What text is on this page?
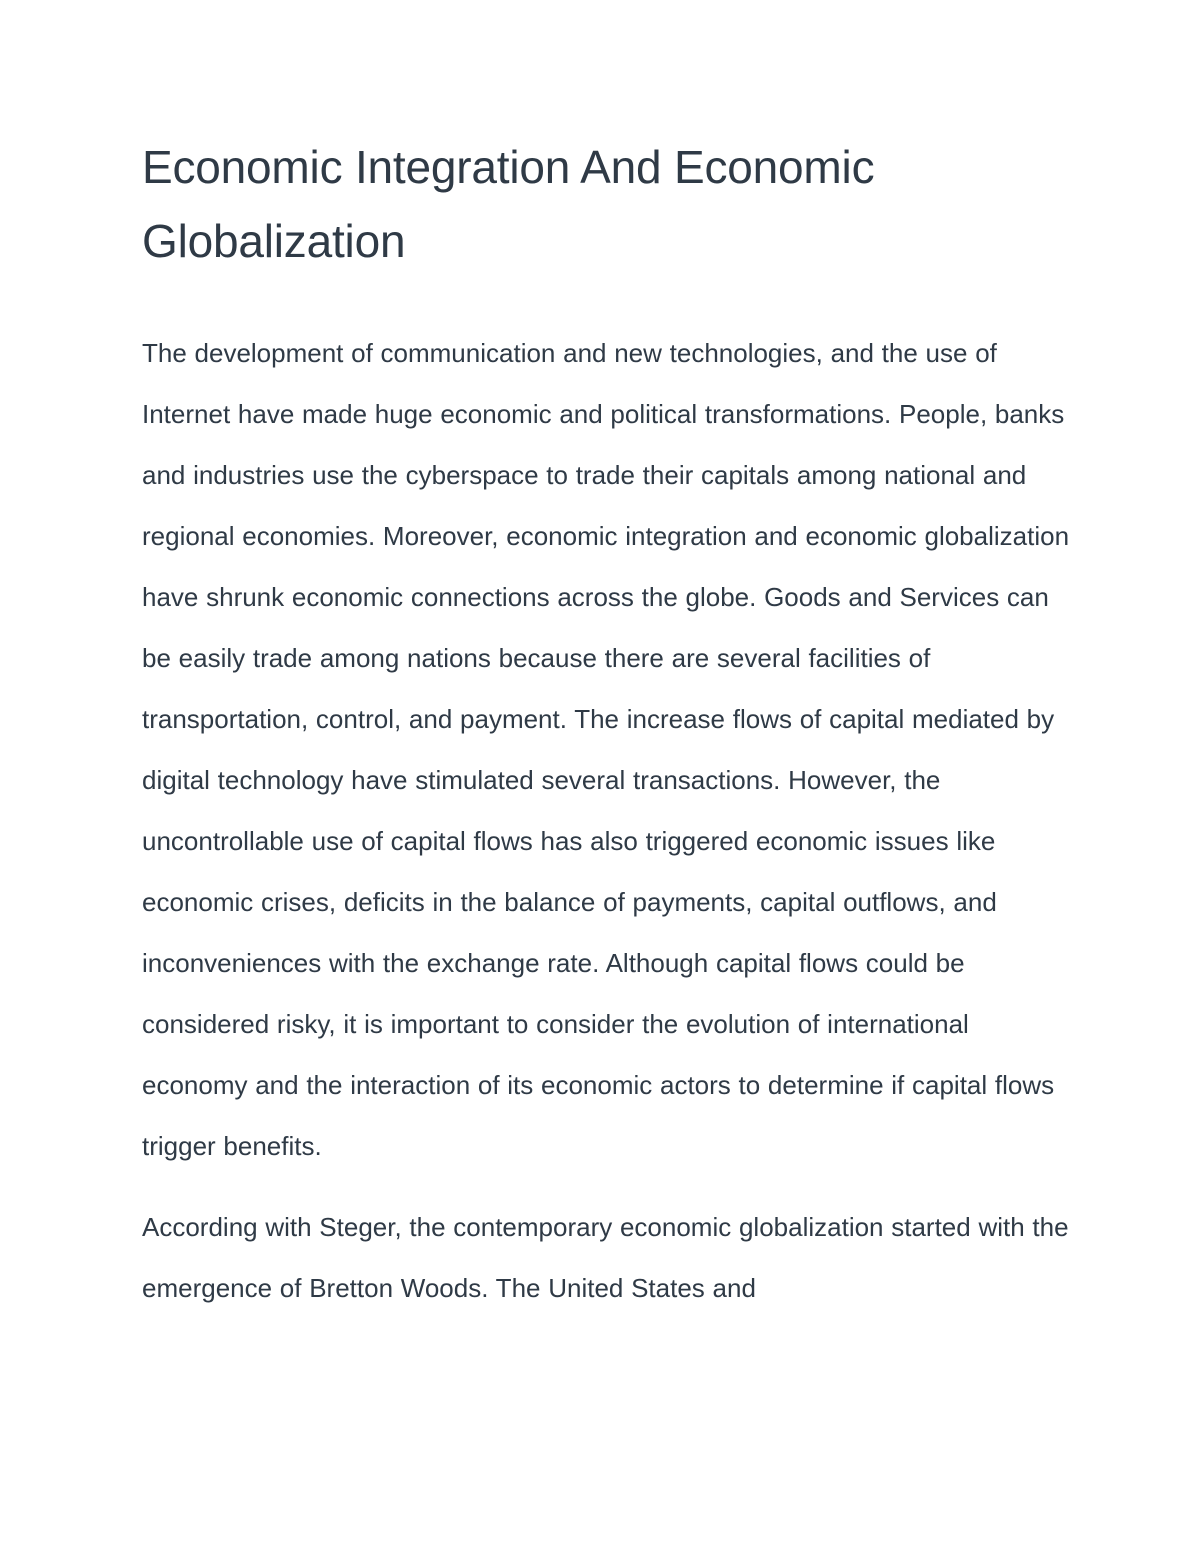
Economic Integration And Economic Globalization

The development of communication and new technologies, and the use of Internet have made huge economic and political transformations. People, banks and industries use the cyberspace to trade their capitals among national and regional economies. Moreover, economic integration and economic globalization have shrunk economic connections across the globe. Goods and Services can be easily trade among nations because there are several facilities of transportation, control, and payment. The increase flows of capital mediated by digital technology have stimulated several transactions. However, the uncontrollable use of capital flows has also triggered economic issues like economic crises, deficits in the balance of payments, capital outflows, and inconveniences with the exchange rate. Although capital flows could be considered risky, it is important to consider the evolution of international economy and the interaction of its economic actors to determine if capital flows trigger benefits.

According with Steger, the contemporary economic globalization started with the emergence of Bretton Woods. The United States and
